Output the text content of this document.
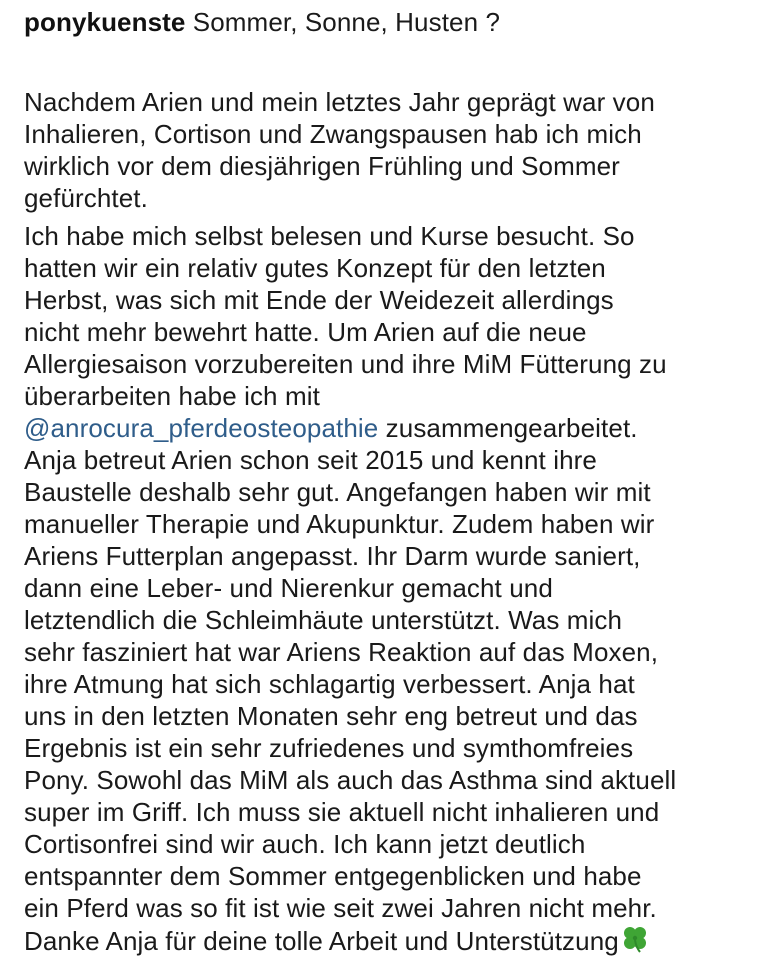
ponykuenste Sommer, Sonne, Husten ?
Nachdem Arien und mein letztes Jahr geprägt war von
Inhalieren, Cortison und Zwangspausen hab ich mich
wirklich vor dem diesjährigen Frühling und Sommer
gefürchtet.
Ich habe mich selbst belesen und Kurse besucht. So
hatten wir ein relativ gutes Konzept für den letzten
Herbst, was sich mit Ende der Weidezeit allerdings
nicht mehr bewehrt hatte. Um Arien auf die neue
Allergiesaison vorzubereiten und ihre MiM Fütterung zu
überarbeiten habe ich mit
@anrocura_pferdeosteopathie zusammengearbeitet.
Anja betreut Arien schon seit 2015 und kennt ihre
Baustelle deshalb sehr gut. Angefangen haben wir mit
manueller Therapie und Akupunktur. Zudem haben wir
Ariens Futterplan angepasst. Ihr Darm wurde saniert,
dann eine Leber- und Nierenkur gemacht und
letztendlich die Schleimhäute unterstützt. Was mich
sehr fasziniert hat war Ariens Reaktion auf das Moxen,
ihre Atmung hat sich schlagartig verbessert. Anja hat
uns in den letzten Monaten sehr eng betreut und das
Ergebnis ist ein sehr zufriedenes und symthomfreies
Pony. Sowohl das MiM als auch das Asthma sind aktuell
super im Griff. Ich muss sie aktuell nicht inhalieren und
Cortisonfrei sind wir auch. Ich kann jetzt deutlich
entspannter dem Sommer entgegenblicken und habe
ein Pferd was so fit ist wie seit zwei Jahren nicht mehr.
Danke Anja für deine tolle Arbeit und Unterstützung
